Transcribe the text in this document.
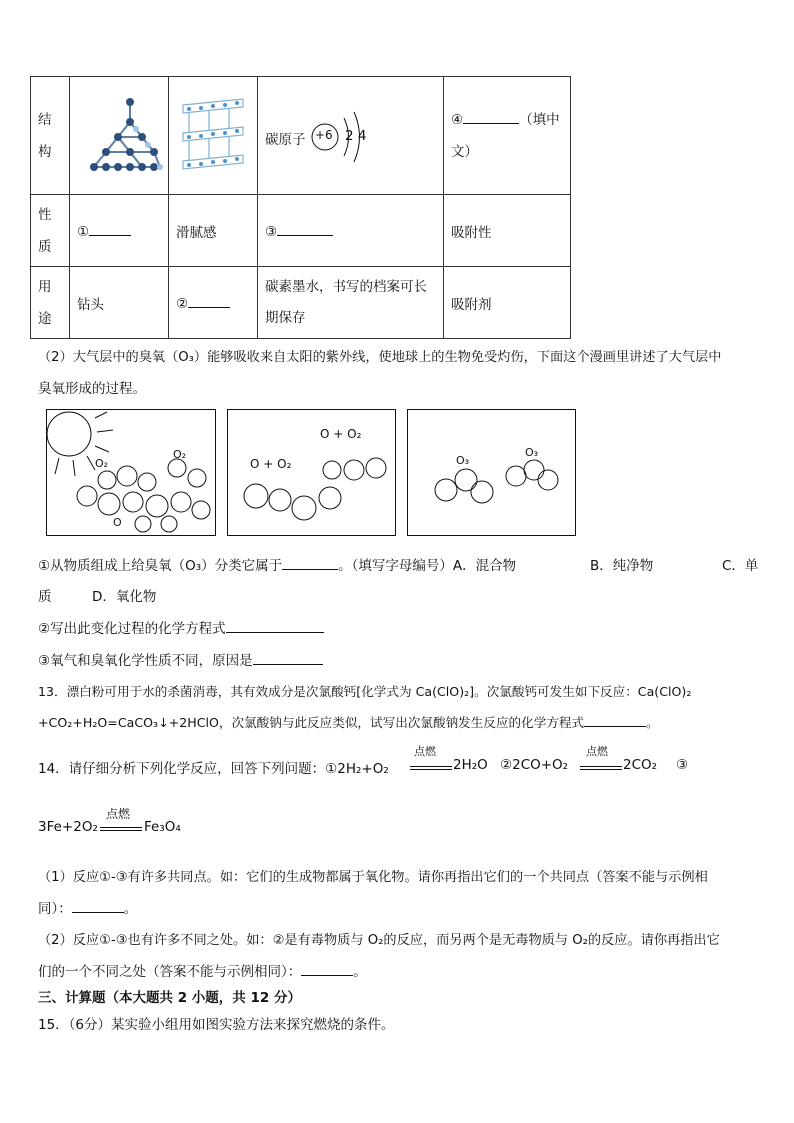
结构			碳原子 +6 2 4	④ （填中
文）

性质	①	滑腻感	③	吸附性

用途	钻头	②	碳素墨水，书写的档案可长
期保存	吸附剂
（2）大气层中的臭氧（O₃）能够吸收来自太阳的紫外线，使地球上的生物免受灼伤，下面这个漫画里讲述了大气层中
臭氧形成的过程。
O₂
O₂
O
O + O₂
O + O₂
O₃
O₃
①从物质组成上给臭氧（O₃）分类它属于	。（填写字母编号）A．混合物	B．纯净物	C．单
质　　　D．氧化物
②写出此变化过程的化学方程式
③氧气和臭氧化学性质不同，原因是
13．漂白粉可用于水的杀菌消毒，其有效成分是次氯酸钙[化学式为 Ca(ClO)₂]。次氯酸钙可发生如下反应：Ca(ClO)₂
+CO₂+H₂O=CaCO₃↓+2HClO，次氯酸钠与此反应类似，试写出次氯酸钠发生反应的化学方程式	。
14．请仔细分析下列化学反应，回答下列问题：①2H₂+O₂
点燃
2H₂O ②2CO+O₂
点燃
2CO₂ ③
3Fe+2O₂
点燃
Fe₃O₄
（1）反应①-③有许多共同点。如：它们的生成物都属于氧化物。请你再指出它们的一个共同点（答案不能与示例相
同）：	。
（2）反应①-③也有许多不同之处。如：②是有毒物质与 O₂的反应，而另两个是无毒物质与 O₂的反应。请你再指出它
们的一个不同之处（答案不能与示例相同）：	。
三、计算题（本大题共 2 小题，共 12 分）
15．（6分）某实验小组用如图实验方法来探究燃烧的条件。
